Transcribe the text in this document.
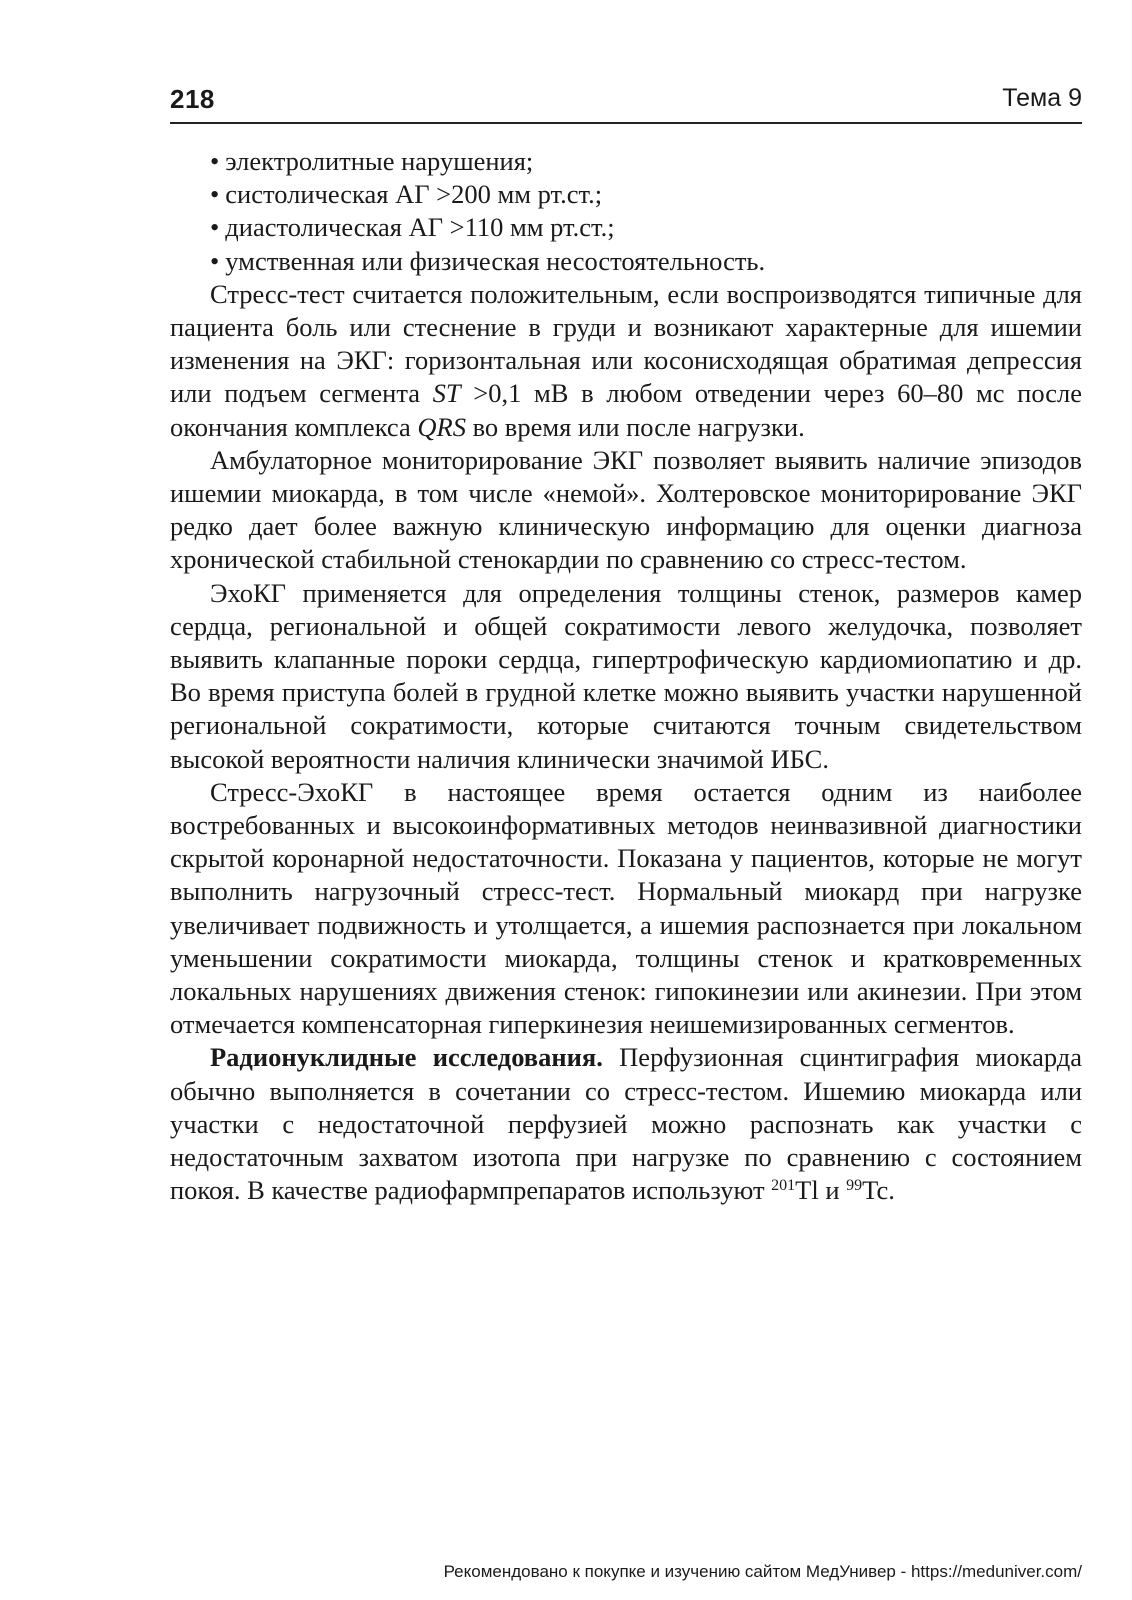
218	Тема 9
• электролитные нарушения;
• систолическая АГ >200 мм рт.ст.;
• диастолическая АГ >110 мм рт.ст.;
• умственная или физическая несостоятельность.

Стресс-тест считается положительным, если воспроизводятся типичные для пациента боль или стеснение в груди и возникают характерные для ишемии изменения на ЭКГ: горизонтальная или косонисходящая обратимая депрессия или подъем сегмента ST >0,1 мВ в любом отведении через 60–80 мс после окончания комплекса QRS во время или после нагрузки.

Амбулаторное мониторирование ЭКГ позволяет выявить наличие эпизодов ишемии миокарда, в том числе «немой». Холтеровское мониторирование ЭКГ редко дает более важную клиническую информацию для оценки диагноза хронической стабильной стенокардии по сравнению со стресс-тестом.

ЭхоКГ применяется для определения толщины стенок, размеров камер сердца, региональной и общей сократимости левого желудочка, позволяет выявить клапанные пороки сердца, гипертрофическую кардиомиопатию и др. Во время приступа болей в грудной клетке можно выявить участки нарушенной региональной сократимости, которые считаются точным свидетельством высокой вероятности наличия клинически значимой ИБС.

Стресс-ЭхоКГ в настоящее время остается одним из наиболее востребованных и высокоинформативных методов неинвазивной диагностики скрытой коронарной недостаточности. Показана у пациентов, которые не могут выполнить нагрузочный стресс-тест. Нормальный миокард при нагрузке увеличивает подвижность и утолщается, а ишемия распознается при локальном уменьшении сократимости миокарда, толщины стенок и кратковременных локальных нарушениях движения стенок: гипокинезии или акинезии. При этом отмечается компенсаторная гиперкинезия неишемизированных сегментов.

Радионуклидные исследования. Перфузионная сцинтиграфия миокарда обычно выполняется в сочетании со стресс-тестом. Ишемию миокарда или участки с недостаточной перфузией можно распознать как участки с недостаточным захватом изотопа при нагрузке по сравнению с состоянием покоя. В качестве радиофармпрепаратов используют $^{201}$Tl и $^{99}$Tc.

Рекомендовано к покупке и изучению сайтом МедУнивер - https://meduniver.com/
